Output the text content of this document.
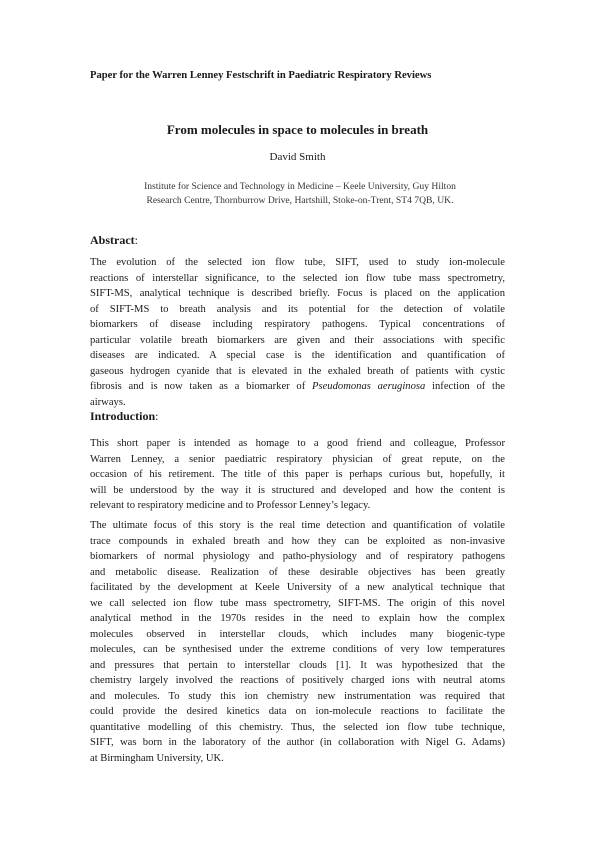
Paper for the Warren Lenney Festschrift in Paediatric Respiratory Reviews
From molecules in space to molecules in breath
David Smith
Institute for Science and Technology in Medicine – Keele University, Guy Hilton
Research Centre, Thornburrow Drive, Hartshill, Stoke-on-Trent, ST4 7QB, UK.
Abstract:
The evolution of the selected ion flow tube, SIFT, used to study ion-molecule
reactions of interstellar significance, to the selected ion flow tube mass spectrometry,
SIFT-MS, analytical technique is described briefly. Focus is placed on the application
of SIFT-MS to breath analysis and its potential for the detection of volatile
biomarkers of disease including respiratory pathogens. Typical concentrations of
particular volatile breath biomarkers are given and their associations with specific
diseases are indicated. A special case is the identification and quantification of
gaseous hydrogen cyanide that is elevated in the exhaled breath of patients with cystic
fibrosis and is now taken as a biomarker of Pseudomonas aeruginosa infection of the
airways.
Introduction:
This short paper is intended as homage to a good friend and colleague, Professor
Warren Lenney, a senior paediatric respiratory physician of great repute, on the
occasion of his retirement. The title of this paper is perhaps curious but, hopefully, it
will be understood by the way it is structured and developed and how the content is
relevant to respiratory medicine and to Professor Lenney’s legacy.
The ultimate focus of this story is the real time detection and quantification of volatile
trace compounds in exhaled breath and how they can be exploited as non-invasive
biomarkers of normal physiology and patho-physiology and of respiratory pathogens
and metabolic disease. Realization of these desirable objectives has been greatly
facilitated by the development at Keele University of a new analytical technique that
we call selected ion flow tube mass spectrometry, SIFT-MS. The origin of this novel
analytical method in the 1970s resides in the need to explain how the complex
molecules observed in interstellar clouds, which includes many biogenic-type
molecules, can be synthesised under the extreme conditions of very low temperatures
and pressures that pertain to interstellar clouds [1]. It was hypothesized that the
chemistry largely involved the reactions of positively charged ions with neutral atoms
and molecules. To study this ion chemistry new instrumentation was required that
could provide the desired kinetics data on ion-molecule reactions to facilitate the
quantitative modelling of this chemistry. Thus, the selected ion flow tube technique,
SIFT, was born in the laboratory of the author (in collaboration with Nigel G. Adams)
at Birmingham University, UK.
